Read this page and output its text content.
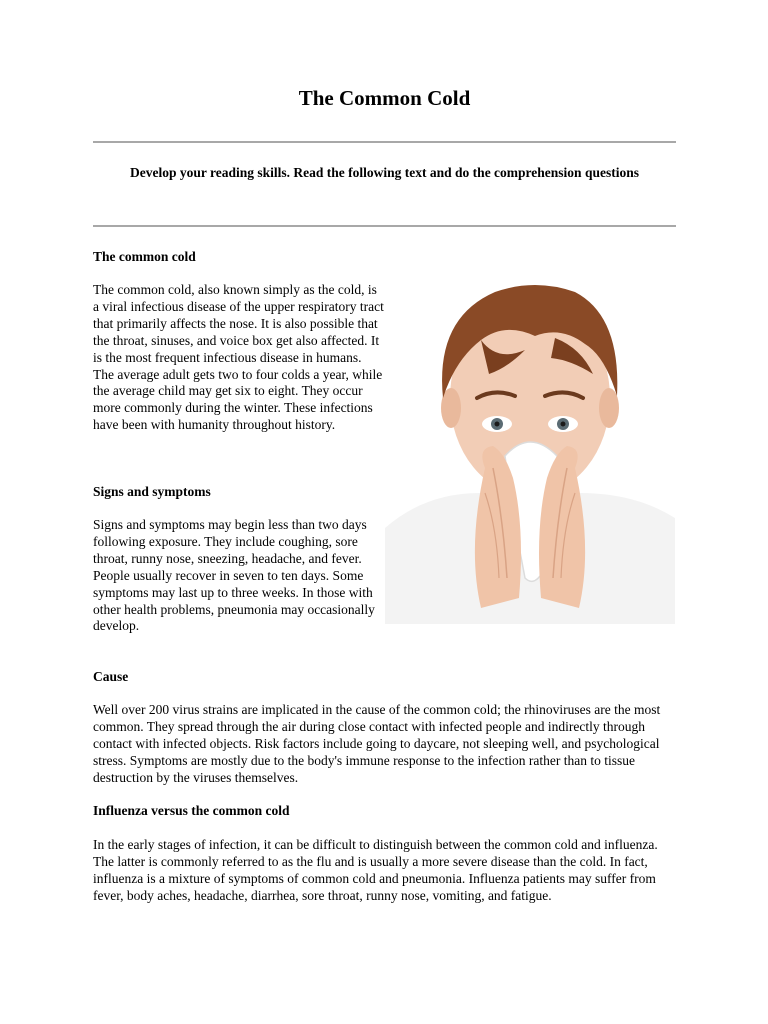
The Common Cold
Develop your reading skills. Read the following text and do the comprehension questions
The common cold

The common cold, also known simply as the cold, is a viral infectious disease of the upper respiratory tract that primarily affects the nose. It is also possible that the throat, sinuses, and voice box get also affected. It is the most frequent infectious disease in humans. The average adult gets two to four colds a year, while the average child may get six to eight. They occur more commonly during the winter. These infections have been with humanity throughout history.

Signs and symptoms

Signs and symptoms may begin less than two days following exposure. They include coughing, sore throat, runny nose, sneezing, headache, and fever. People usually recover in seven to ten days. Some symptoms may last up to three weeks. In those with other health problems, pneumonia may occasionally develop.

Cause

Well over 200 virus strains are implicated in the cause of the common cold; the rhinoviruses are the most common. They spread through the air during close contact with infected people and indirectly through contact with infected objects. Risk factors include going to daycare, not sleeping well, and psychological stress. Symptoms are mostly due to the body's immune response to the infection rather than to tissue destruction by the viruses themselves.

Influenza versus the common cold

In the early stages of infection, it can be difficult to distinguish between the common cold and influenza. The latter is commonly referred to as the flu and is usually a more severe disease than the cold. In fact, influenza is a mixture of symptoms of common cold and pneumonia. Influenza patients may suffer from fever, body aches, headache, diarrhea, sore throat, runny nose, vomiting, and fatigue.
